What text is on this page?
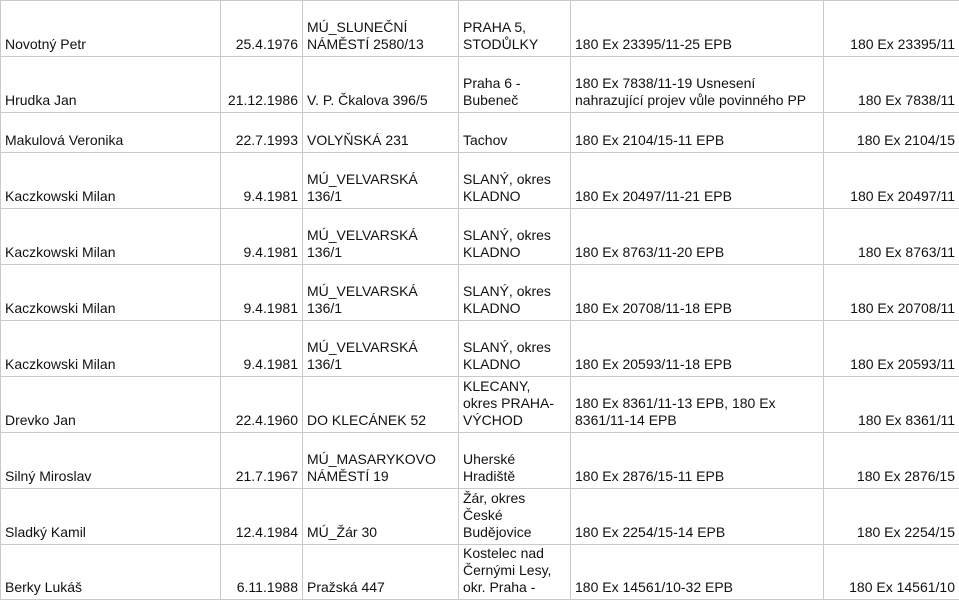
Novotný Petr	25.4.1976	MÚ_SLUNEČNÍ NÁMĚSTÍ 2580/13	PRAHA 5, STODŮLKY	180 Ex 23395/11-25 EPB	180 Ex 23395/11
Hrudka Jan	21.12.1986	V. P. Čkalova 396/5	Praha 6 - Bubeneč	180 Ex 7838/11-19 Usnesení nahrazující projev vůle povinného PP	180 Ex 7838/11
Makulová Veronika	22.7.1993	VOLYŇSKÁ 231	Tachov	180 Ex 2104/15-11 EPB	180 Ex 2104/15
Kaczkowski Milan	9.4.1981	MÚ_VELVARSKÁ 136/1	SLANÝ, okres KLADNO	180 Ex 20497/11-21 EPB	180 Ex 20497/11
Kaczkowski Milan	9.4.1981	MÚ_VELVARSKÁ 136/1	SLANÝ, okres KLADNO	180 Ex 8763/11-20 EPB	180 Ex 8763/11
Kaczkowski Milan	9.4.1981	MÚ_VELVARSKÁ 136/1	SLANÝ, okres KLADNO	180 Ex 20708/11-18 EPB	180 Ex 20708/11
Kaczkowski Milan	9.4.1981	MÚ_VELVARSKÁ 136/1	SLANÝ, okres KLADNO	180 Ex 20593/11-18 EPB	180 Ex 20593/11
Drevko Jan	22.4.1960	DO KLECÁNEK 52	KLECANY, okres PRAHA-VÝCHOD	180 Ex 8361/11-13 EPB, 180 Ex 8361/11-14 EPB	180 Ex 8361/11
Silný Miroslav	21.7.1967	MÚ_MASARYKOVO NÁMĚSTÍ 19	Uherské Hradiště	180 Ex 2876/15-11 EPB	180 Ex 2876/15
Sladký Kamil	12.4.1984	MÚ_Žár 30	Žár, okres České Budějovice	180 Ex 2254/15-14 EPB	180 Ex 2254/15
Berky Lukáš	6.11.1988	Pražská 447	Kostelec nad Černými Lesy, okr. Praha -	180 Ex 14561/10-32 EPB	180 Ex 14561/10
